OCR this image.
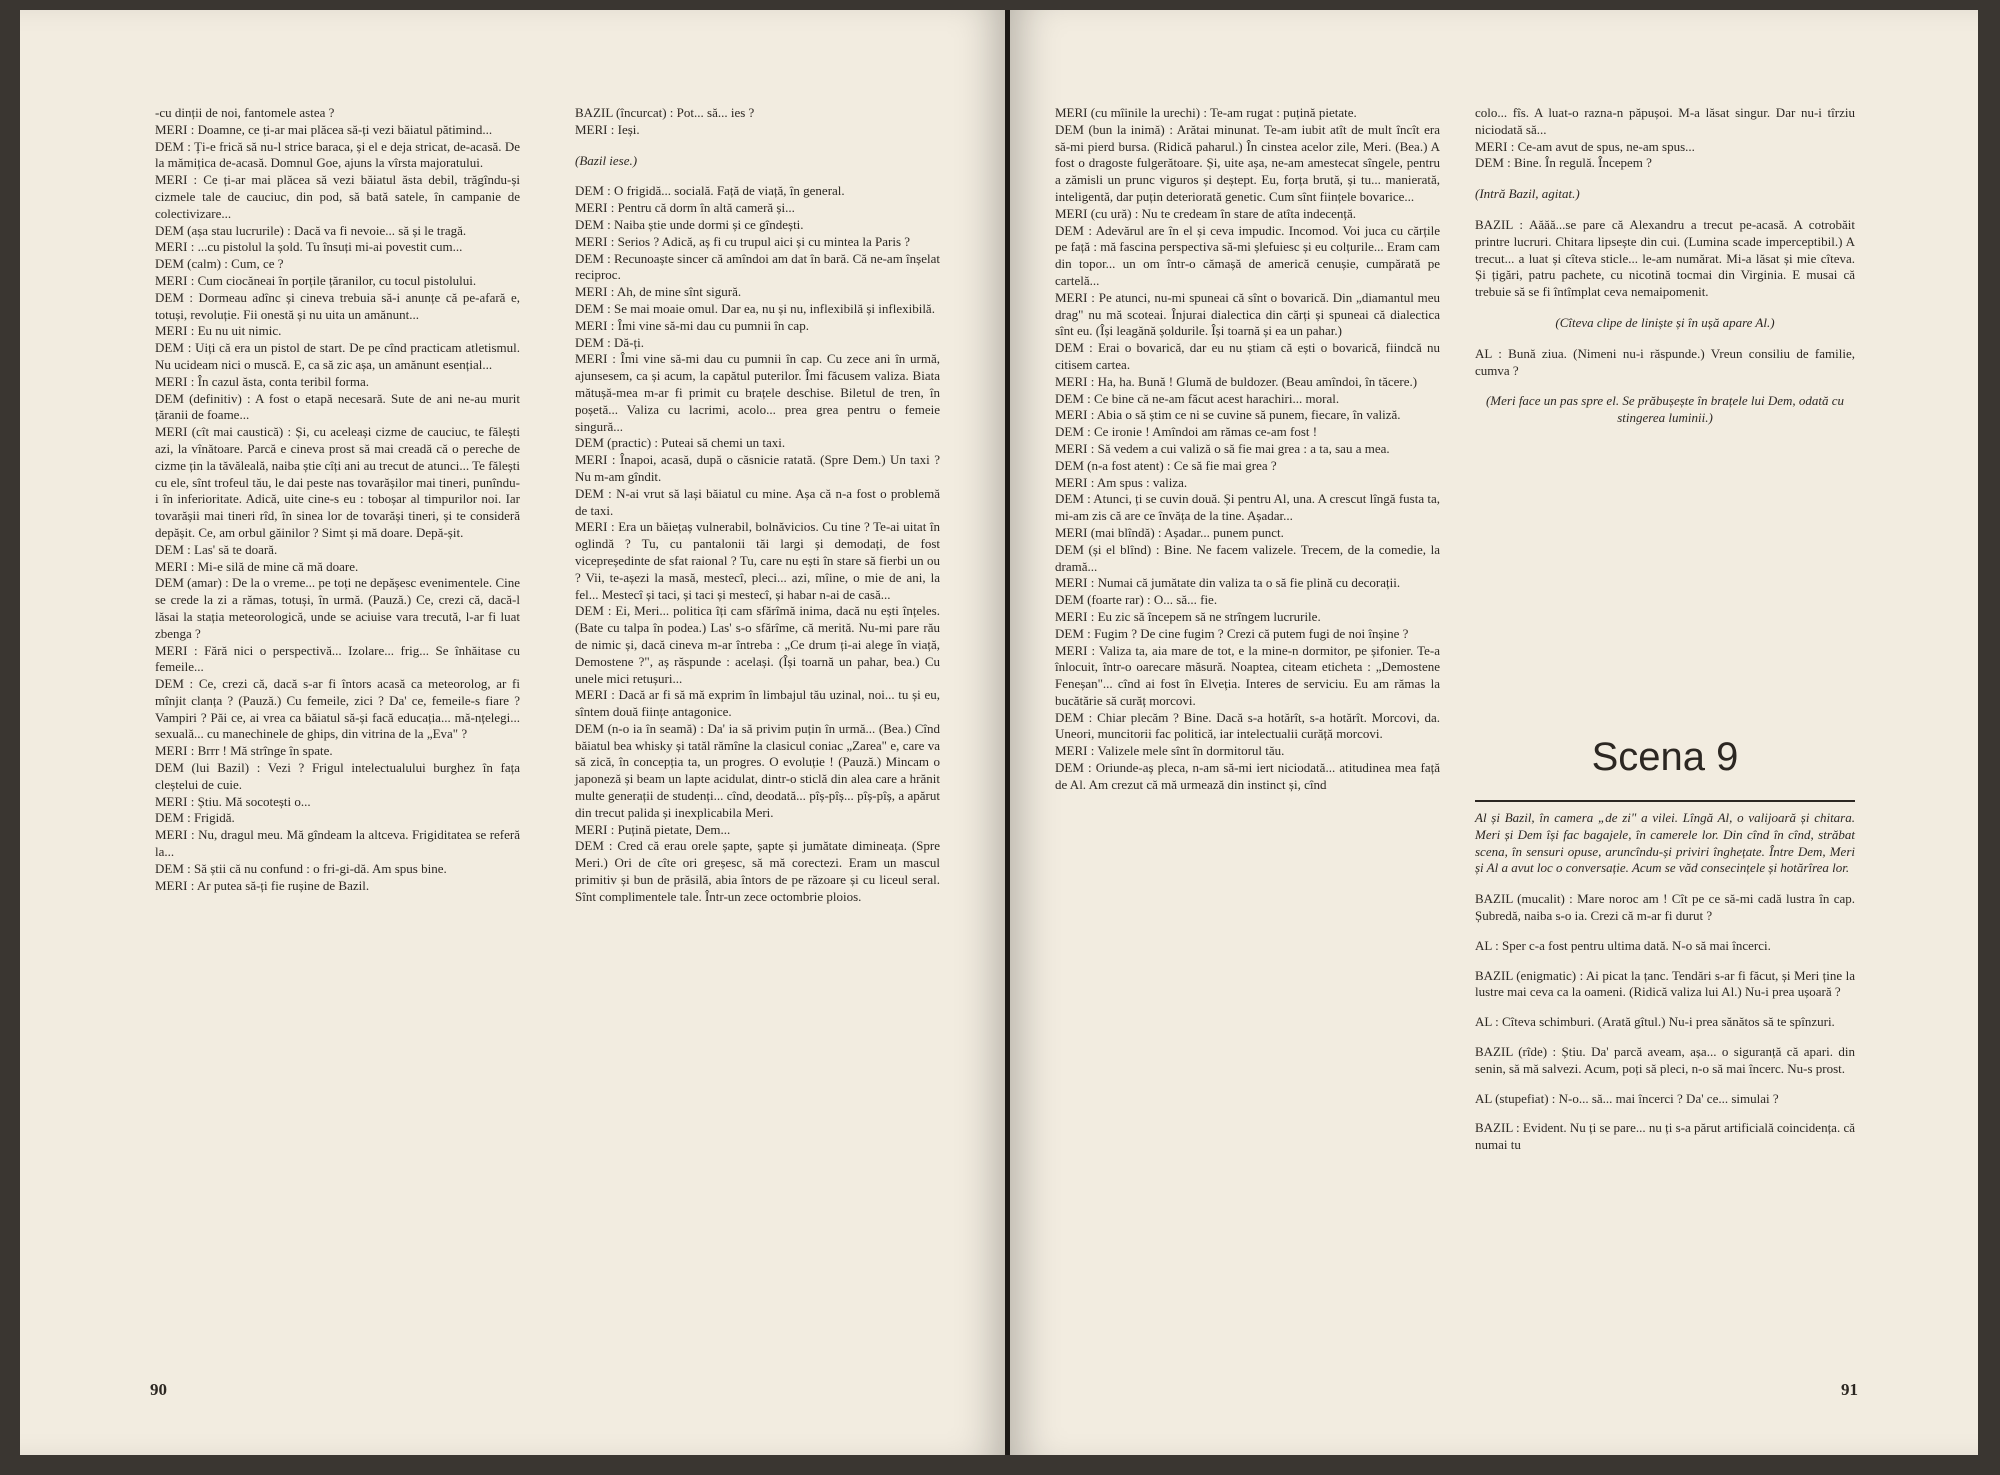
-cu dinții de noi, fantomele astea ?

MERI : Doamne, ce ți-ar mai plăcea să-ți vezi băiatul pătimind...

DEM : Ți-e frică să nu-l strice baraca, și el e deja stricat, de-acasă. De la mămițica de-acasă. Domnul Goe, ajuns la vîrsta majoratului.

MERI : Ce ți-ar mai plăcea să vezi băiatul ăsta debil, trăgîndu-și cizmele tale de cauciuc, din pod, să bată satele, în campanie de colectivizare...

DEM (așa stau lucrurile) : Dacă va fi nevoie... să și le tragă.

MERI : ...cu pistolul la șold. Tu însuți mi-ai povestit cum...

DEM (calm) : Cum, ce ?

MERI : Cum ciocăneai în porțile țăranilor, cu tocul pistolului.

DEM : Dormeau adînc și cineva trebuia să-i anunțe că pe-afară e, totuși, revoluție. Fii onestă și nu uita un amănunt...

MERI : Eu nu uit nimic.

DEM : Uiți că era un pistol de start. De pe cînd practicam atletismul. Nu ucideam nici o muscă. E, ca să zic așa, un amănunt esențial...

MERI : În cazul ăsta, conta teribil forma.

DEM (definitiv) : A fost o etapă necesară. Sute de ani ne-au murit țăranii de foame...

MERI (cît mai caustică) : Și, cu aceleași cizme de cauciuc, te fălești azi, la vînătoare. Parcă e cineva prost să mai creadă că o pereche de cizme țin la tăvăleală, naiba știe cîți ani au trecut de atunci... Te fălești cu ele, sînt trofeul tău, le dai peste nas tovarășilor mai tineri, punîndu-i în inferioritate. Adică, uite cine-s eu : toboșar al timpurilor noi. Iar tovarășii mai tineri rîd, în sinea lor de tovarăși tineri, și te consideră depășit. Ce, am orbul găinilor ? Simt și mă doare. Depă-șit.

DEM : Las' să te doară.

MERI : Mi-e silă de mine că mă doare.

DEM (amar) : De la o vreme... pe toți ne depășesc evenimentele. Cine se crede la zi a rămas, totuși, în urmă. (Pauză.) Ce, crezi că, dacă-l lăsai la stația meteorologică, unde se aciuise vara trecută, l-ar fi luat zbenga ?

MERI : Fără nici o perspectivă... Izolare... frig... Se înhăitase cu femeile...

DEM : Ce, crezi că, dacă s-ar fi întors acasă ca meteorolog, ar fi mînjit clanța ? (Pauză.) Cu femeile, zici ? Da' ce, femeile-s fiare ? Vampiri ? Păi ce, ai vrea ca băiatul să-și facă educația... mă-nțelegi... sexuală... cu manechinele de ghips, din vitrina de la „Eva" ?

MERI : Brrr ! Mă strînge în spate.

DEM (lui Bazil) : Vezi ? Frigul intelectualului burghez în fața cleștelui de cuie.

MERI : Știu. Mă socotești o...

DEM : Frigidă.

MERI : Nu, dragul meu. Mă gîndeam la altceva. Frigiditatea se referă la...

DEM : Să știi că nu confund : o fri-gi-dă. Am spus bine.

MERI : Ar putea să-ți fie rușine de Bazil.

BAZIL (încurcat) : Pot... să... ies ?

MERI : Ieși.

(Bazil iese.)

DEM : O frigidă... socială. Față de viață, în general.

MERI : Pentru că dorm în altă cameră și...

DEM : Naiba știe unde dormi și ce gîndești.

MERI : Serios ? Adică, aș fi cu trupul aici și cu mintea la Paris ?

DEM : Recunoaște sincer că amîndoi am dat în bară. Că ne-am înșelat reciproc.

MERI : Ah, de mine sînt sigură.

DEM : Se mai moaie omul. Dar ea, nu și nu, inflexibilă și inflexibilă.

MERI : Îmi vine să-mi dau cu pumnii în cap.

DEM : Dă-ți.

MERI : Îmi vine să-mi dau cu pumnii în cap. Cu zece ani în urmă, ajunsesem, ca și acum, la capătul puterilor. Îmi făcusem valiza. Biata mătușă-mea m-ar fi primit cu brațele deschise. Biletul de tren, în poșetă... Valiza cu lacrimi, acolo... prea grea pentru o femeie singură...

DEM (practic) : Puteai să chemi un taxi.

MERI : Înapoi, acasă, după o căsnicie ratată. (Spre Dem.) Un taxi ? Nu m-am gîndit.

DEM : N-ai vrut să lași băiatul cu mine. Așa că n-a fost o problemă de taxi.

MERI : Era un băiețaș vulnerabil, bolnăvicios. Cu tine ? Te-ai uitat în oglindă ? Tu, cu pantalonii tăi largi și demodați, de fost vicepreședinte de sfat raional ? Tu, care nu ești în stare să fierbi un ou ? Vii, te-așezi la masă, mestecî, pleci... azi, mîine, o mie de ani, la fel... Mestecî și taci, și taci și mestecî, și habar n-ai de casă...

DEM : Ei, Meri... politica îți cam sfărîmă inima, dacă nu ești înțeles. (Bate cu talpa în podea.) Las' s-o sfărîme, că merită. Nu-mi pare rău de nimic și, dacă cineva m-ar întreba : „Ce drum ți-ai alege în viață, Demostene ?", aș răspunde : același. (Își toarnă un pahar, bea.) Cu unele mici retușuri...

MERI : Dacă ar fi să mă exprim în limbajul tău uzinal, noi... tu și eu, sîntem două ființe antagonice.

DEM (n-o ia în seamă) : Da' ia să privim puțin în urmă... (Bea.) Cînd băiatul bea whisky și tatăl rămîne la clasicul coniac „Zarea" e, care va să zică, în concepția ta, un progres. O evoluție ! (Pauză.) Mincam o japoneză și beam un lapte acidulat, dintr-o sticlă din alea care a hrănit multe generații de studenți... cînd, deodată... pîș-pîș... pîș-pîș, a apărut din trecut palida și inexplicabila Meri.

MERI : Puțină pietate, Dem...

DEM : Cred că erau orele șapte, șapte și jumătate dimineața. (Spre Meri.) Ori de cîte ori greșesc, să mă corectezi. Eram un mascul primitiv și bun de prăsilă, abia întors de pe răzoare și cu liceul seral. Sînt complimentele tale. Într-un zece octombrie ploios.

90

MERI (cu mîinile la urechi) : Te-am rugat : puțină pietate.

DEM (bun la inimă) : Arătai minunat. Te-am iubit atît de mult încît era să-mi pierd bursa. (Ridică paharul.) În cinstea acelor zile, Meri. (Bea.) A fost o dragoste fulgerătoare. Și, uite așa, ne-am amestecat sîngele, pentru a zămisli un prunc viguros și deștept. Eu, forța brută, și tu... manierată, inteligentă, dar puțin deteriorată genetic. Cum sînt ființele bovarice...

MERI (cu ură) : Nu te credeam în stare de atîta indecență.

DEM : Adevărul are în el și ceva impudic. Incomod. Voi juca cu cărțile pe față : mă fascina perspectiva să-mi șlefuiesc și eu colțurile... Eram cam din topor... un om într-o cămașă de americă cenușie, cumpărată pe cartelă...

MERI : Pe atunci, nu-mi spuneai că sînt o bovarică. Din „diamantul meu drag" nu mă scoteai. Înjurai dialectica din cărți și spuneai că dialectica sînt eu. (Își leagănă șoldurile. Își toarnă și ea un pahar.)

DEM : Erai o bovarică, dar eu nu știam că ești o bovarică, fiindcă nu citisem cartea.

MERI : Ha, ha. Bună ! Glumă de buldozer. (Beau amîndoi, în tăcere.)

DEM : Ce bine că ne-am făcut acest harachiri... moral.

MERI : Abia o să știm ce ni se cuvine să punem, fiecare, în valiză.

DEM : Ce ironie ! Amîndoi am rămas ce-am fost !

MERI : Să vedem a cui valiză o să fie mai grea : a ta, sau a mea.

DEM (n-a fost atent) : Ce să fie mai grea ?

MERI : Am spus : valiza.

DEM : Atunci, ți se cuvin două. Și pentru Al, una. A crescut lîngă fusta ta, mi-am zis că are ce învăța de la tine. Așadar...

MERI (mai blîndă) : Așadar... punem punct.

DEM (și el blînd) : Bine. Ne facem valizele. Trecem, de la comedie, la dramă...

MERI : Numai că jumătate din valiza ta o să fie plină cu decorații.

DEM (foarte rar) : O... să... fie.

MERI : Eu zic să începem să ne strîngem lucrurile.

DEM : Fugim ? De cine fugim ? Crezi că putem fugi de noi înșine ?

MERI : Valiza ta, aia mare de tot, e la mine-n dormitor, pe șifonier. Te-a înlocuit, într-o oarecare măsură. Noaptea, citeam eticheta : „Demostene Feneșan"... cînd ai fost în Elveția. Interes de serviciu. Eu am rămas la bucătărie să curăț morcovi.

DEM : Chiar plecăm ? Bine. Dacă s-a hotărît, s-a hotărît. Morcovi, da. Uneori, muncitorii fac politică, iar intelectualii curăță morcovi.

MERI : Valizele mele sînt în dormitorul tău.

DEM : Oriunde-aș pleca, n-am să-mi iert niciodată... atitudinea mea față de Al. Am crezut că mă urmează din instinct și, cînd

colo... fîs. A luat-o razna-n păpușoi. M-a lăsat singur. Dar nu-i tîrziu niciodată să...

MERI : Ce-am avut de spus, ne-am spus...

DEM : Bine. În regulă. Începem ?

(Intră Bazil, agitat.)

BAZIL : Aăăă...se pare că Alexandru a trecut pe-acasă. A cotrobăit printre lucruri. Chitara lipsește din cui. (Lumina scade imperceptibil.) A trecut... a luat și cîteva sticle... le-am numărat. Mi-a lăsat și mie cîteva. Și țigări, patru pachete, cu nicotină tocmai din Virginia. E musai că trebuie să se fi întîmplat ceva nemaipomenit.

(Cîteva clipe de liniște și în ușă apare Al.)

AL : Bună ziua. (Nimeni nu-i răspunde.) Vreun consiliu de familie, cumva ?

(Meri face un pas spre el. Se prăbușește în brațele lui Dem, odată cu stingerea luminii.)

Scena 9

Al și Bazil, în camera „de zi" a vilei. Lîngă Al, o valijoară și chitara. Meri și Dem își fac bagajele, în camerele lor. Din cînd în cînd, străbat scena, în sensuri opuse, aruncîndu-și priviri înghețate. Între Dem, Meri și Al a avut loc o conversație. Acum se văd consecințele și hotărîrea lor.

BAZIL (mucalit) : Mare noroc am ! Cît pe ce să-mi cadă lustra în cap. Șubredă, naiba s-o ia. Crezi că m-ar fi durut ?

AL : Sper c-a fost pentru ultima dată. N-o să mai încerci.

BAZIL (enigmatic) : Ai picat la țanc. Tendări s-ar fi făcut, și Meri ține la lustre mai ceva ca la oameni. (Ridică valiza lui Al.) Nu-i prea ușoară ?

AL : Cîteva schimburi. (Arată gîtul.) Nu-i prea sănătos să te spînzuri.

BAZIL (rîde) : Știu. Da' parcă aveam, așa... o siguranță că apari. din senin, să mă salvezi. Acum, poți să pleci, n-o să mai încerc. Nu-s prost.

AL (stupefiat) : N-o... să... mai încerci ? Da' ce... simulai ?

BAZIL : Evident. Nu ți se pare... nu ți s-a părut artificială coincidența. că numai tu

91
